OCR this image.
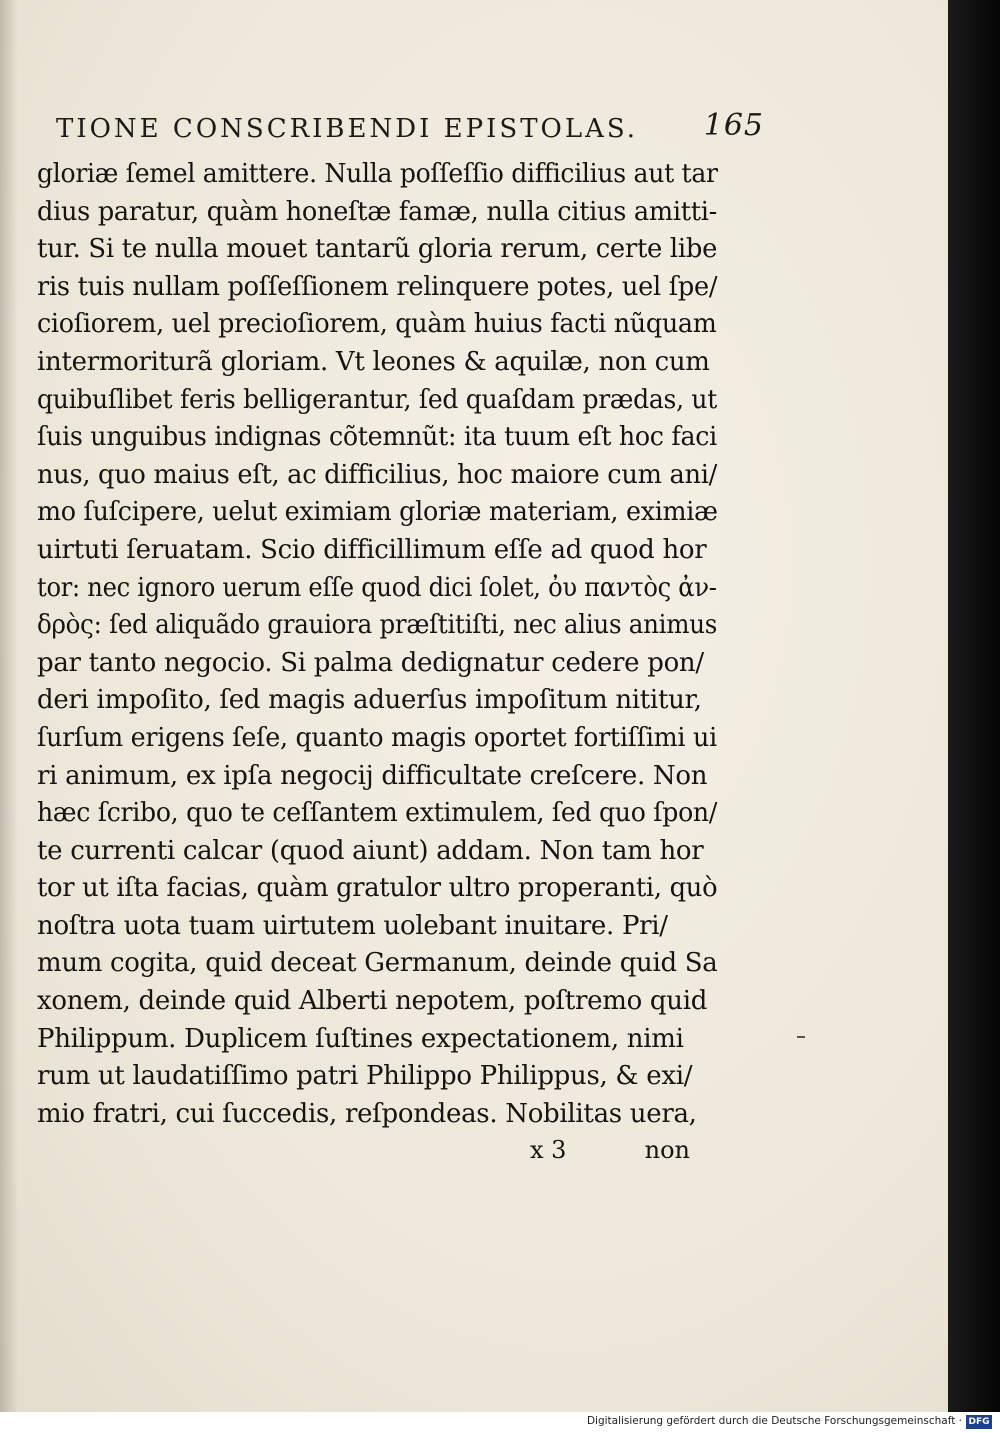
TIONE CONSCRIBENDI EPISTOLAS. 165
gloriæ ſemel amittere. Nulla poſſeſſio difficilius aut tar
dius paratur, quàm honeſtæ famæ, nulla citius amitti-
tur. Si te nulla mouet tantarũ gloria rerum, certe libe
ris tuis nullam poſſeſſionem relinquere potes, uel ſpe/
cioſiorem, uel precioſiorem, quàm huius facti nũquam
intermoriturã gloriam. Vt leones & aquilæ, non cum
quibuſlibet feris belligerantur, ſed quaſdam prædas, ut
ſuis unguibus indignas cõtemnũt: ita tuum eſt hoc faci
nus, quo maius eſt, ac difficilius, hoc maiore cum ani/
mo ſuſcipere, uelut eximiam gloriæ materiam, eximiæ
uirtuti ſeruatam. Scio difficillimum eſſe ad quod hor
tor: nec ignoro uerum eſſe quod dici ſolet, ὀυ παντὸς ἀν-
δρὸς: ſed aliquãdo grauiora præſtitiſti, nec alius animus
par tanto negocio. Si palma dedignatur cedere pon/
deri impoſito, ſed magis aduerſus impoſitum nititur,
ſurſum erigens ſeſe, quanto magis oportet fortiſſimi ui
ri animum, ex ipſa negocij difficultate creſcere. Non
hæc ſcribo, quo te ceſſantem extimulem, ſed quo ſpon/
te currenti calcar (quod aiunt) addam. Non tam hor
tor ut iſta facias, quàm gratulor ultro properanti, quò
noſtra uota tuam uirtutem uolebant inuitare. Pri/
mum cogita, quid deceat Germanum, deinde quid Sa
xonem, deinde quid Alberti nepotem, poſtremo quid
Philippum. Duplicem ſuſtines expectationem, nimi
rum ut laudatiſſimo patri Philippo Philippus, & exi/
mio fratri, cui ſuccedis, reſpondeas. Nobilitas uera,
x 3	non
Digitalisierung gefördert durch die Deutsche Forschungsgemeinschaft · DFG
